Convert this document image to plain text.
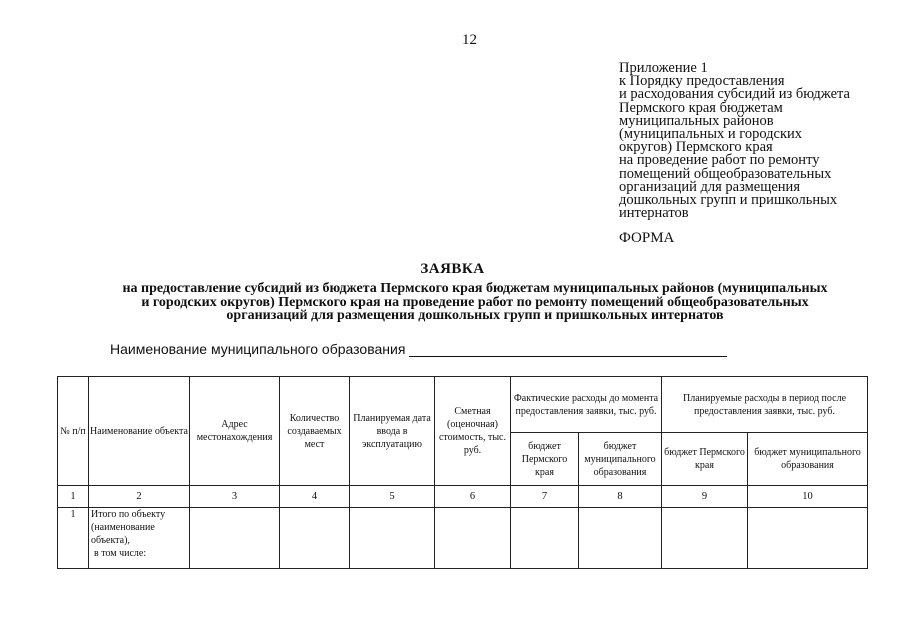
12
Приложение 1
к Порядку предоставления
и расходования субсидий из бюджета
Пермского края бюджетам
муниципальных районов
(муниципальных и городских
округов) Пермского края
на проведение работ по ремонту
помещений общеобразовательных
организаций для размещения
дошкольных групп и пришкольных
интернатов
ФОРМА
ЗАЯВКА
на предоставление субсидий из бюджета Пермского края бюджетам муниципальных районов (муниципальных
и городских округов) Пермского края на проведение работ по ремонту помещений общеобразовательных
организаций для размещения дошкольных групп и пришкольных интернатов
Наименование муниципального образования
№ п/п	Наименование объекта	Адрес местонахождения	Количество создаваемых мест	Планируемая дата ввода в эксплуатацию	Сметная (оценочная) стоимость, тыс. руб.	Фактические расходы до момента предоставления заявки, тыс. руб.		Планируемые расходы в период после предоставления заявки, тыс. руб.	
						бюджет Пермского края	бюджет муниципального образования	бюджет Пермского края	бюджет муниципального образования
1	2	3	4	5	6	7	8	9	10
1	Итого по объекту (наименование объекта),
в том числе:								
